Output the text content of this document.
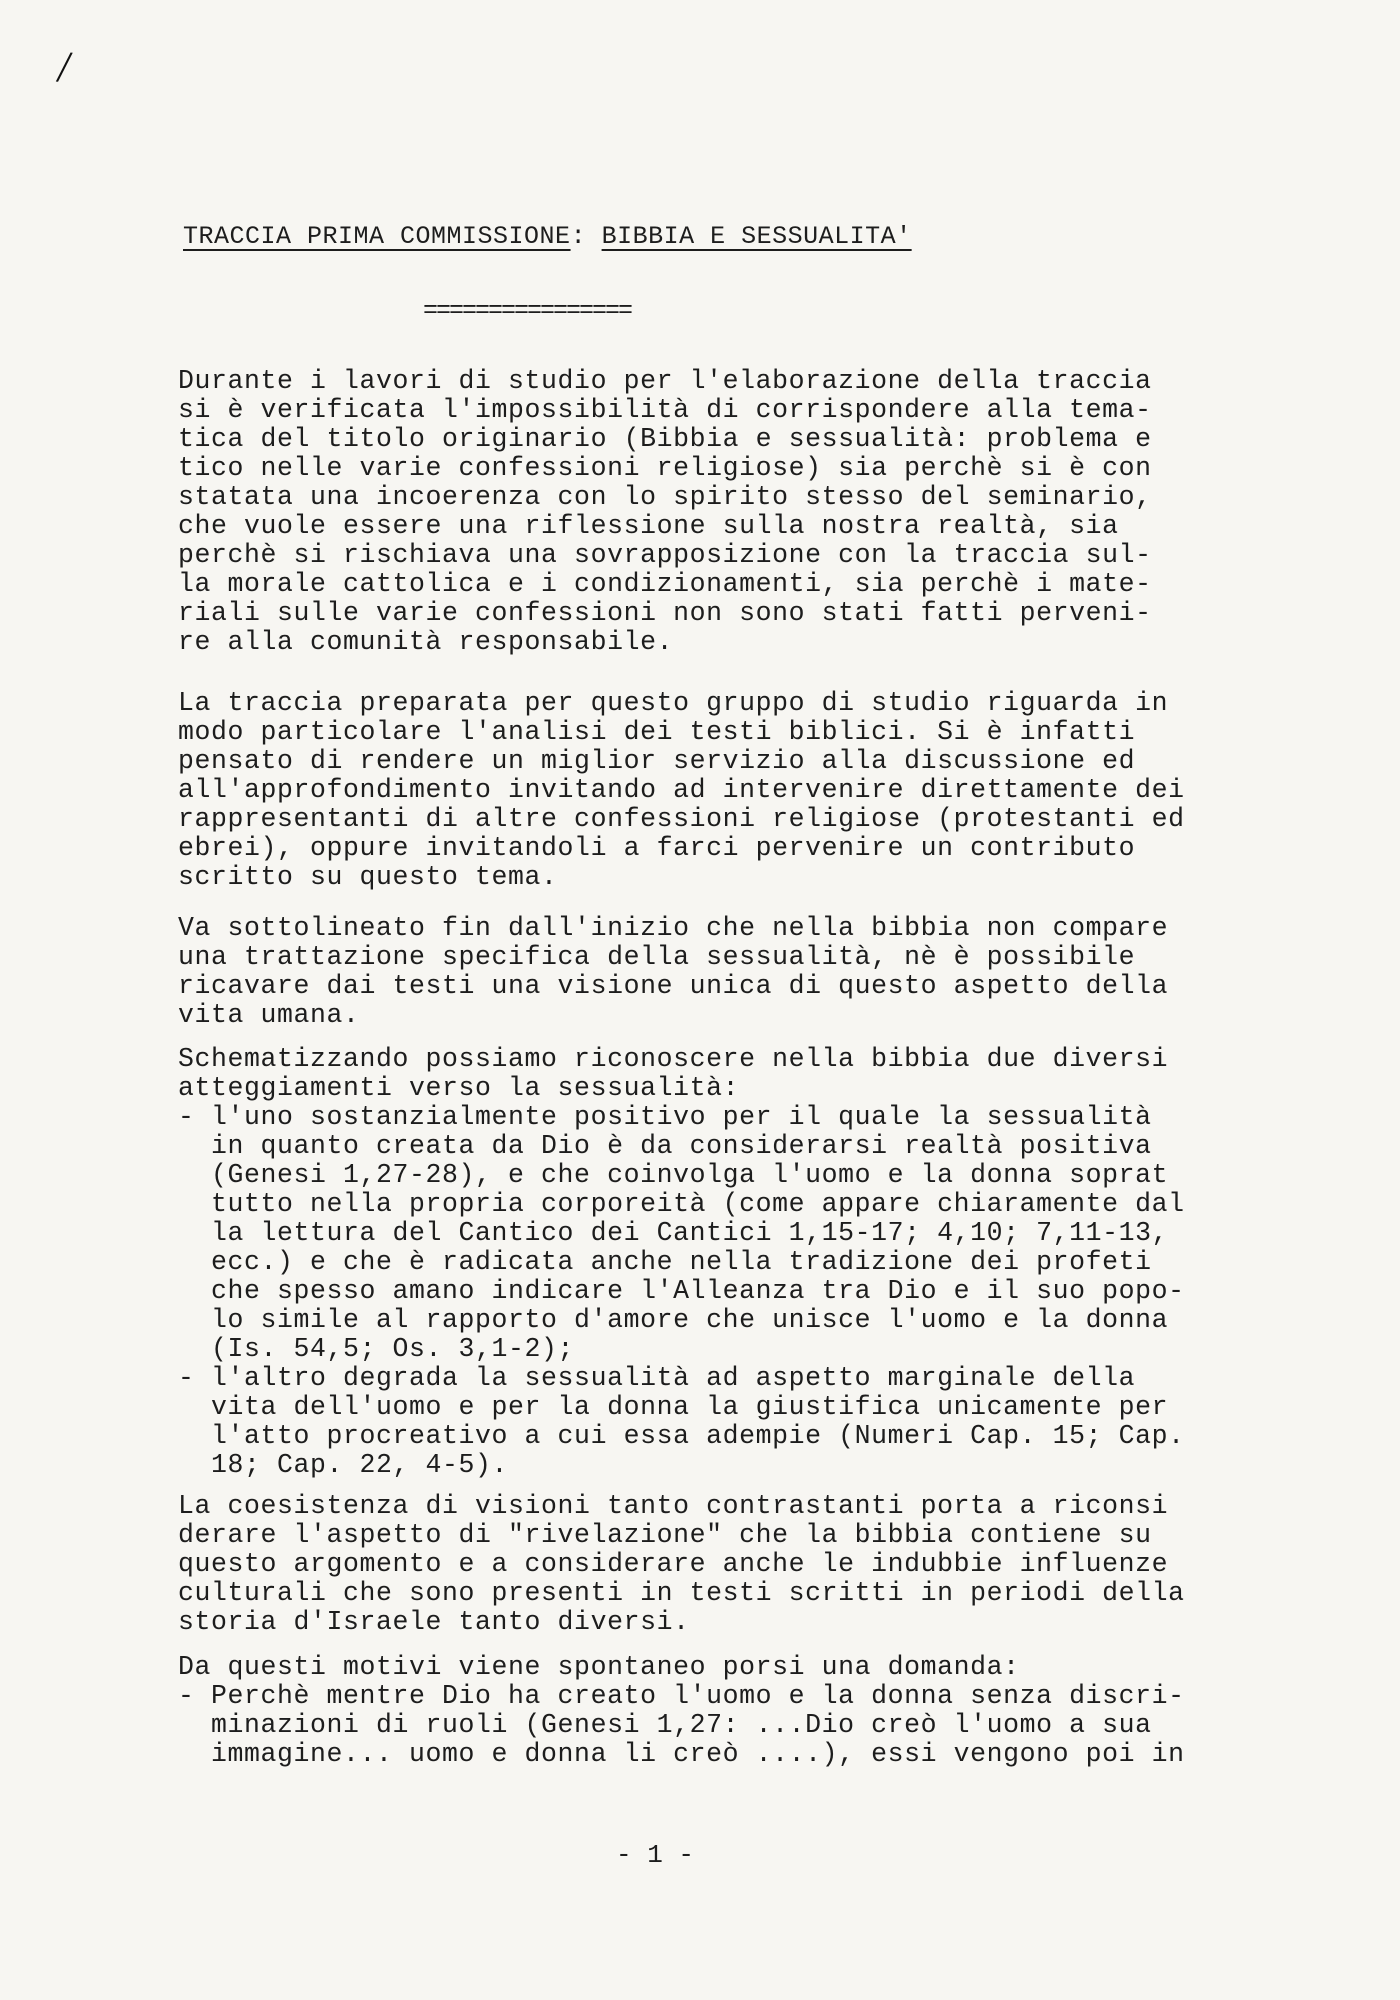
/
TRACCIA PRIMA COMMISSIONE: BIBBIA E SESSUALITA'
================
Durante i lavori di studio per l'elaborazione della traccia
si è verificata l'impossibilità di corrispondere alla tema-
tica del titolo originario (Bibbia e sessualità: problema e
tico nelle varie confessioni religiose) sia perchè si è con
statata una incoerenza con lo spirito stesso del seminario,
che vuole essere una riflessione sulla nostra realtà, sia
perchè si rischiava una sovrapposizione con la traccia sul-
la morale cattolica e i condizionamenti, sia perchè i mate-
riali sulle varie confessioni non sono stati fatti perveni-
re alla comunità responsabile.
La traccia preparata per questo gruppo di studio riguarda in
modo particolare l'analisi dei testi biblici. Si è infatti
pensato di rendere un miglior servizio alla discussione ed
all'approfondimento invitando ad intervenire direttamente dei
rappresentanti di altre confessioni religiose (protestanti ed
ebrei), oppure invitandoli a farci pervenire un contributo
scritto su questo tema.
Va sottolineato fin dall'inizio che nella bibbia non compare
una trattazione specifica della sessualità, nè è possibile
ricavare dai testi una visione unica di questo aspetto della
vita umana.
Schematizzando possiamo riconoscere nella bibbia due diversi
atteggiamenti verso la sessualità:
- l'uno sostanzialmente positivo per il quale la sessualità
in quanto creata da Dio è da considerarsi realtà positiva
(Genesi 1,27-28), e che coinvolga l'uomo e la donna soprat
tutto nella propria corporeità (come appare chiaramente dal
la lettura del Cantico dei Cantici 1,15-17; 4,10; 7,11-13,
ecc.) e che è radicata anche nella tradizione dei profeti
che spesso amano indicare l'Alleanza tra Dio e il suo popo-
lo simile al rapporto d'amore che unisce l'uomo e la donna
(Is. 54,5; Os. 3,1-2);
- l'altro degrada la sessualità ad aspetto marginale della
vita dell'uomo e per la donna la giustifica unicamente per
l'atto procreativo a cui essa adempie (Numeri Cap. 15; Cap.
18; Cap. 22, 4-5).
La coesistenza di visioni tanto contrastanti porta a riconsi
derare l'aspetto di "rivelazione" che la bibbia contiene su
questo argomento e a considerare anche le indubbie influenze
culturali che sono presenti in testi scritti in periodi della
storia d'Israele tanto diversi.
Da questi motivi viene spontaneo porsi una domanda:
- Perchè mentre Dio ha creato l'uomo e la donna senza discri-
minazioni di ruoli (Genesi 1,27: ...Dio creò l'uomo a sua
immagine... uomo e donna li creò ....), essi vengono poi in
- 1 -
